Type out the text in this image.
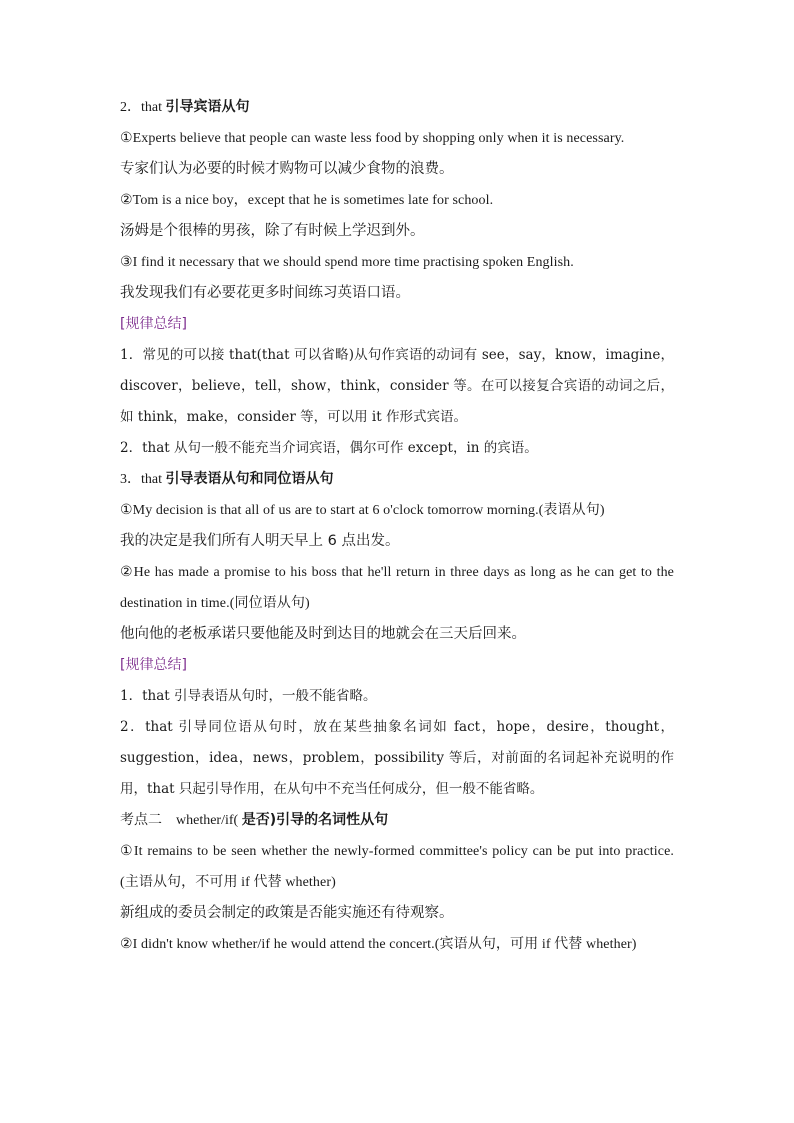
2．that 引导宾语从句

①Experts believe that people can waste less food by shopping only when it is necessary.

专家们认为必要的时候才购物可以减少食物的浪费。

②Tom is a nice boy，except that he is sometimes late for school.

汤姆是个很棒的男孩，除了有时候上学迟到外。

③I find it necessary that we should spend more time practising spoken English.

我发现我们有必要花更多时间练习英语口语。

[规律总结]

1．常见的可以接 that(that 可以省略)从句作宾语的动词有 see，say，know，imagine，discover，believe，tell，show，think，consider 等。在可以接复合宾语的动词之后，如 think，make，consider 等，可以用 it 作形式宾语。

2．that 从句一般不能充当介词宾语，偶尔可作 except，in 的宾语。

3．that 引导表语从句和同位语从句

①My decision is that all of us are to start at 6 o'clock tomorrow morning.(表语从句)

我的决定是我们所有人明天早上 6 点出发。

②He has made a promise to his boss that he'll return in three days as long as he can get to the destination in time.(同位语从句)

他向他的老板承诺只要他能及时到达目的地就会在三天后回来。

[规律总结]

1．that 引导表语从句时，一般不能省略。

2．that 引导同位语从句时，放在某些抽象名词如 fact，hope，desire，thought，suggestion，idea，news，problem，possibility 等后，对前面的名词起补充说明的作用，that 只起引导作用，在从句中不充当任何成分，但一般不能省略。

考点二　whether/if( 是否)引导的名词性从句

①It remains to be seen whether the newly-formed committee's policy can be put into practice.(主语从句，不可用 if 代替 whether)

新组成的委员会制定的政策是否能实施还有待观察。

②I didn't know whether/if he would attend the concert.(宾语从句，可用 if 代替 whether)
